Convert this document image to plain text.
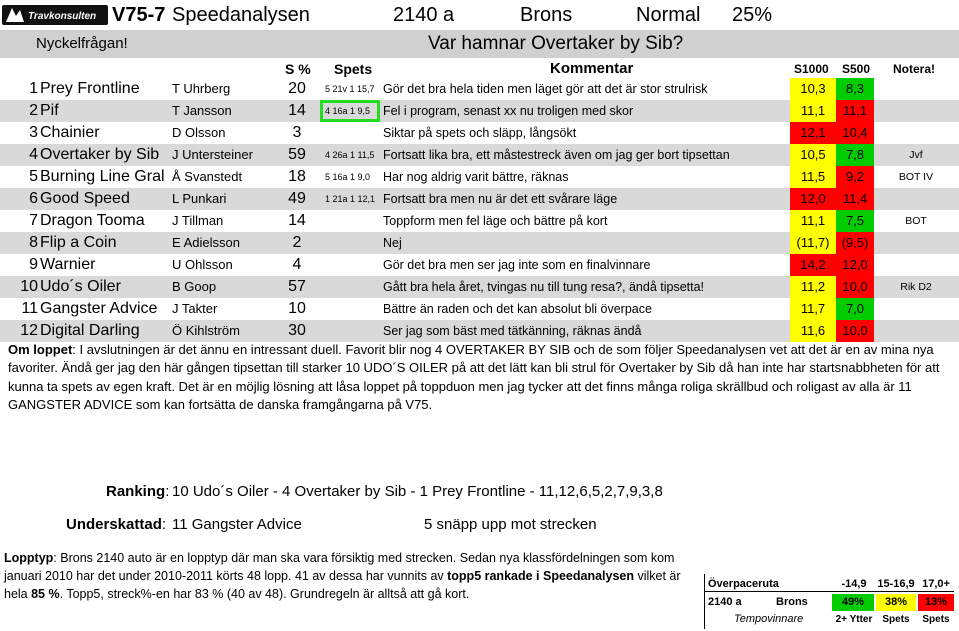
Travkonsulten V75-7 Speedanalysen	2140 a	Brons	Normal 25%
Nyckelfrågan!	Var hamnar Overtaker by Sib?
S % Spets	Kommentar	S1000 S500 Notera!
1 Prey Frontline T Uhrberg	20	5 21v 1 15,7 Gör det bra hela tiden men läget gör att det är stor strulrisk	10,3	8,3
2 Pif	T Jansson	14	4 16a 1 9,5 Fel i program, senast xx nu troligen med skor	11,1	11,1
3 Chainier	D Olsson	3	Siktar på spets och släpp, långsökt	12,1	10,4
4 Overtaker by Sib J Untersteiner	59	4 26a 1 11,5 Fortsatt lika bra, ett måstestreck även om jag ger bort tipsettan	10,5	7,8	Jvf
5 Burning Line Gral Å Svanstedt	18	5 16a 1 9,0 Har nog aldrig varit bättre, räknas	11,5	9,2	BOT IV
6 Good Speed	L Punkari	49	1 21a 1 12,1 Fortsatt bra men nu är det ett svårare läge	12,0	11,4
7 Dragon Tooma J Tillman	14	Toppform men fel läge och bättre på kort	11,1	7,5	BOT
8 Flip a Coin	E Adielsson	2	Nej	(11,7) (9,5)
9 Warnier	U Ohlsson	4	Gör det bra men ser jag inte som en finalvinnare	14,2	12,0
10 Udo´s Oiler	B Goop	57	Gått bra hela året, tvingas nu till tung resa?, ändå tipsetta!	11,2	10,0	Rik D2
11 Gangster Advice J Takter	10	Bättre än raden och det kan absolut bli överpace	11,7	7,0
12 Digital Darling Ö Kihlström	30	Ser jag som bäst med tätkänning, räknas ändå	11,6	10,0
Om loppet: I avslutningen är det ännu en intressant duell. Favorit blir nog 4 OVERTAKER BY SIB och de som följer Speedanalysen vet att det är en av mina nya favoriter. Ändå ger jag den här gången tipsettan till starker 10 UDO´S OILER på att det lätt kan bli strul för Overtaker by Sib då han inte har startsnabbheten för att kunna ta spets av egen kraft. Det är en möjlig lösning att låsa loppet på toppduon men jag tycker att det finns många roliga skrällbud och roligast av alla är 11 GANGSTER ADVICE som kan fortsätta de danska framgångarna på V75.
Ranking: 10 Udo´s Oiler - 4 Overtaker by Sib - 1 Prey Frontline - 11,12,6,5,2,7,9,3,8
Underskattad: 11 Gangster Advice	5 snäpp upp mot strecken
Lopptyp: Brons 2140 auto är en lopptyp där man ska vara försiktig med strecken. Sedan nya klassfördelningen som kom januari 2010 har det under 2010-2011 körts 48 lopp. 41 av dessa har vunnits av topp5 rankade i Speedanalysen vilket är hela 85 %. Topp5, streck%-en har 83 % (40 av 48). Grundregeln är alltså att gå kort.
Överpaceruta	-14,9 15-16,9 17,0+
2140 a	Brons	49%	38%	13%
Tempovinnare	2+ Ytter Spets	Spets
